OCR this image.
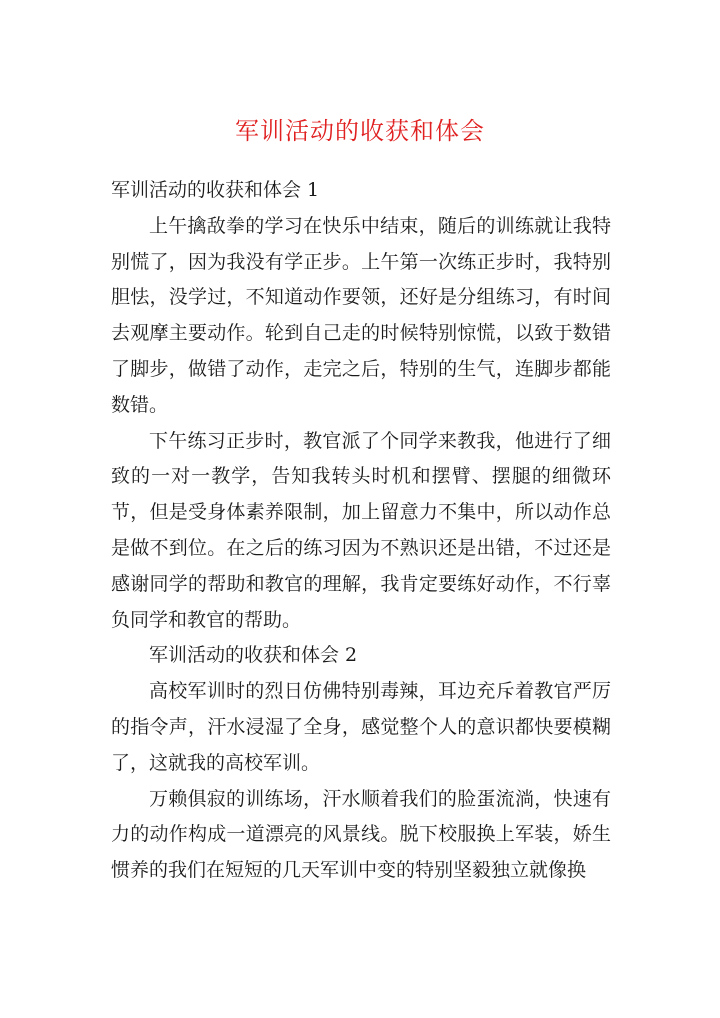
军训活动的收获和体会

军训活动的收获和体会 1

上午擒敌拳的学习在快乐中结束，随后的训练就让我特别慌了，因为我没有学正步。上午第一次练正步时，我特别胆怯，没学过，不知道动作要领，还好是分组练习，有时间去观摩主要动作。轮到自己走的时候特别惊慌，以致于数错了脚步，做错了动作，走完之后，特别的生气，连脚步都能数错。

下午练习正步时，教官派了个同学来教我，他进行了细致的一对一教学，告知我转头时机和摆臂、摆腿的细微环节，但是受身体素养限制，加上留意力不集中，所以动作总是做不到位。在之后的练习因为不熟识还是出错，不过还是感谢同学的帮助和教官的理解，我肯定要练好动作，不行辜负同学和教官的帮助。

军训活动的收获和体会 2

高校军训时的烈日仿佛特别毒辣，耳边充斥着教官严厉的指令声，汗水浸湿了全身，感觉整个人的意识都快要模糊了，这就我的高校军训。

万赖俱寂的训练场，汗水顺着我们的脸蛋流淌，快速有力的动作构成一道漂亮的风景线。脱下校服换上军装，娇生惯养的我们在短短的几天军训中变的特别坚毅独立就像换
